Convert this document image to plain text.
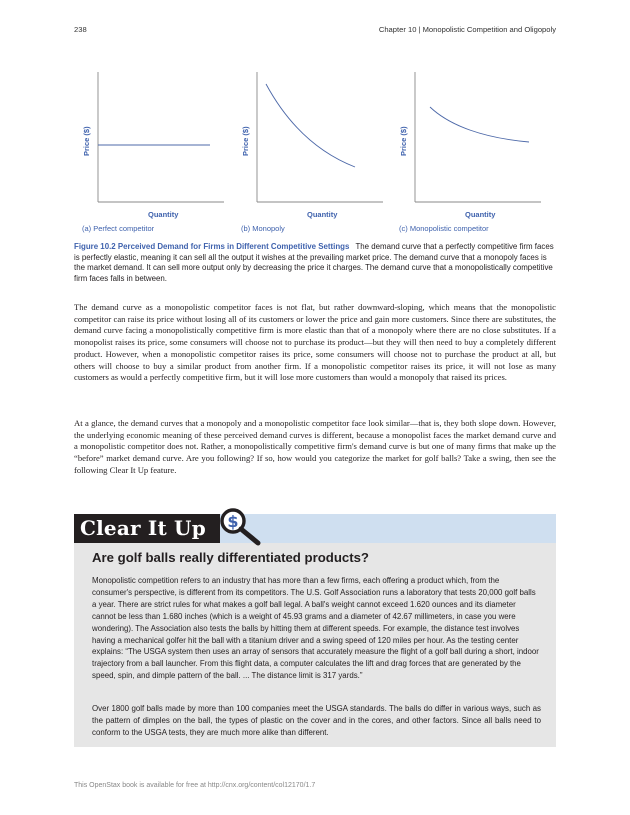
238	Chapter 10 | Monopolistic Competition and Oligopoly
Price ($)
Quantity
(a) Perfect competitor
Price ($)
Quantity
(b) Monopoly
Price ($)
Quantity
(c) Monopolistic competitor

Figure 10.2 Perceived Demand for Firms in Different Competitive Settings The demand curve that a perfectly competitive firm faces is perfectly elastic, meaning it can sell all the output it wishes at the prevailing market price. The demand curve that a monopoly faces is the market demand. It can sell more output only by decreasing the price it charges. The demand curve that a monopolistically competitive firm faces falls in between.

The demand curve as a monopolistic competitor faces is not flat, but rather downward-sloping, which means that the monopolistic competitor can raise its price without losing all of its customers or lower the price and gain more customers. Since there are substitutes, the demand curve facing a monopolistically competitive firm is more elastic than that of a monopoly where there are no close substitutes. If a monopolist raises its price, some consumers will choose not to purchase its product—but they will then need to buy a completely different product. However, when a monopolistic competitor raises its price, some consumers will choose not to purchase the product at all, but others will choose to buy a similar product from another firm. If a monopolistic competitor raises its price, it will not lose as many customers as would a perfectly competitive firm, but it will lose more customers than would a monopoly that raised its prices.

At a glance, the demand curves that a monopoly and a monopolistic competitor face look similar—that is, they both slope down. However, the underlying economic meaning of these perceived demand curves is different, because a monopolist faces the market demand curve and a monopolistic competitor does not. Rather, a monopolistically competitive firm's demand curve is but one of many firms that make up the “before” market demand curve. Are you following? If so, how would you categorize the market for golf balls? Take a swing, then see the following Clear It Up feature.

Clear It Up	$
Are golf balls really differentiated products?

Monopolistic competition refers to an industry that has more than a few firms, each offering a product which, from the consumer's perspective, is different from its competitors. The U.S. Golf Association runs a laboratory that tests 20,000 golf balls a year. There are strict rules for what makes a golf ball legal. A ball's weight cannot exceed 1.620 ounces and its diameter cannot be less than 1.680 inches (which is a weight of 45.93 grams and a diameter of 42.67 millimeters, in case you were wondering). The Association also tests the balls by hitting them at different speeds. For example, the distance test involves having a mechanical golfer hit the ball with a titanium driver and a swing speed of 120 miles per hour. As the testing center explains: “The USGA system then uses an array of sensors that accurately measure the flight of a golf ball during a short, indoor trajectory from a ball launcher. From this flight data, a computer calculates the lift and drag forces that are generated by the speed, spin, and dimple pattern of the ball. ... The distance limit is 317 yards.”

Over 1800 golf balls made by more than 100 companies meet the USGA standards. The balls do differ in various ways, such as the pattern of dimples on the ball, the types of plastic on the cover and in the cores, and other factors. Since all balls need to conform to the USGA tests, they are much more alike than different.

This OpenStax book is available for free at http://cnx.org/content/col12170/1.7
